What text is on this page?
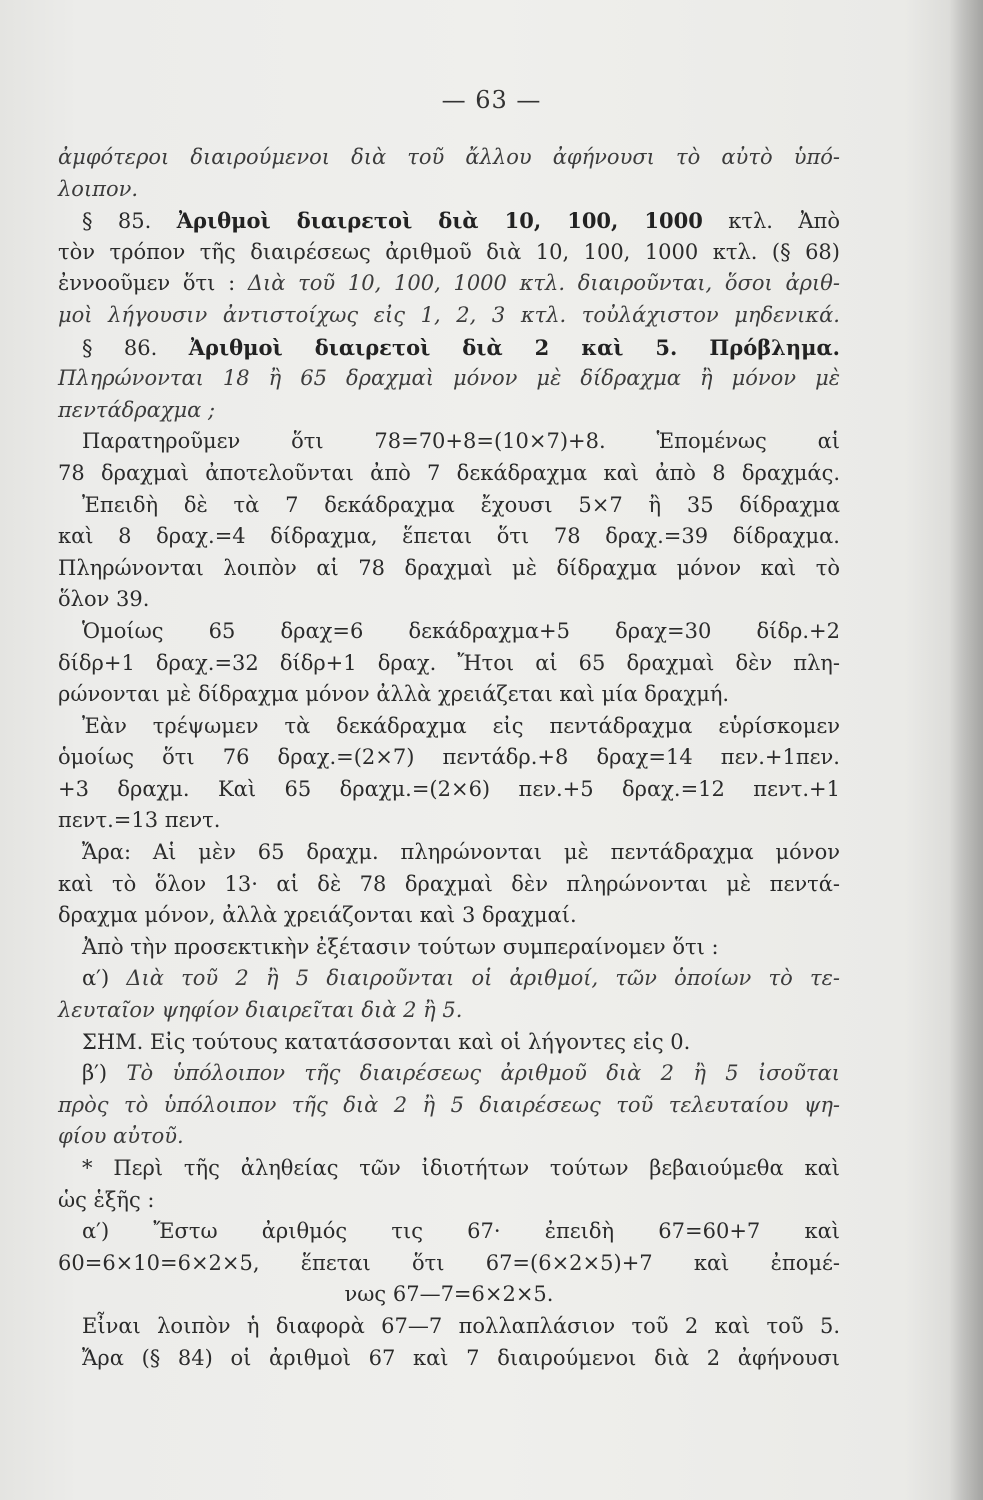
— 63 —
ἀμφότεροι διαιρούμενοι διὰ τοῦ ἄλλου ἀφήνουσι τὸ αὐτὸ ὑπό-
λοιπον.
§ 85. Ἀριθμοὶ διαιρετοὶ διὰ 10, 100, 1000 κτλ. Ἀπὸ
τὸν τρόπον τῆς διαιρέσεως ἀριθμοῦ διὰ 10, 100, 1000 κτλ. (§ 68)
ἐννοοῦμεν ὅτι : Διὰ τοῦ 10, 100, 1000 κτλ. διαιροῦνται, ὅσοι ἀριθ-
μοὶ λήγουσιν ἀντιστοίχως εἰς 1, 2, 3 κτλ. τοὐλάχιστον μηδενικά.
§ 86. Ἀριθμοὶ διαιρετοὶ διὰ 2 καὶ 5. Πρόβλημα.
Πληρώνονται 18 ἢ 65 δραχμαὶ μόνον μὲ δίδραχμα ἢ μόνον μὲ
πεντάδραχμα ;
Παρατηροῦμεν ὅτι 78=70+8=(10×7)+8. Ἑπομένως αἱ
78 δραχμαὶ ἀποτελοῦνται ἀπὸ 7 δεκάδραχμα καὶ ἀπὸ 8 δραχμάς.
Ἐπειδὴ δὲ τὰ 7 δεκάδραχμα ἔχουσι 5×7 ἢ 35 δίδραχμα
καὶ 8 δραχ.=4 δίδραχμα, ἕπεται ὅτι 78 δραχ.=39 δίδραχμα.
Πληρώνονται λοιπὸν αἱ 78 δραχμαὶ μὲ δίδραχμα μόνον καὶ τὸ
ὅλον 39.
Ὁμοίως 65 δραχ=6 δεκάδραχμα+5 δραχ=30 δίδρ.+2
δίδρ+1 δραχ.=32 δίδρ+1 δραχ. Ἤτοι αἱ 65 δραχμαὶ δὲν πλη-
ρώνονται μὲ δίδραχμα μόνον ἀλλὰ χρειάζεται καὶ μία δραχμή.
Ἐὰν τρέψωμεν τὰ δεκάδραχμα εἰς πεντάδραχμα εὑρίσκομεν
ὁμοίως ὅτι 76 δραχ.=(2×7) πεντάδρ.+8 δραχ=14 πεν.+1πεν.
+3 δραχμ. Καὶ 65 δραχμ.=(2×6) πεν.+5 δραχ.=12 πεντ.+1
πεντ.=13 πεντ.
Ἄρα: Αἱ μὲν 65 δραχμ. πληρώνονται μὲ πεντάδραχμα μόνον
καὶ τὸ ὅλον 13· αἱ δὲ 78 δραχμαὶ δὲν πληρώνονται μὲ πεντά-
δραχμα μόνον, ἀλλὰ χρειάζονται καὶ 3 δραχμαί.
Ἀπὸ τὴν προσεκτικὴν ἐξέτασιν τούτων συμπεραίνομεν ὅτι :
α′) Διὰ τοῦ 2 ἢ 5 διαιροῦνται οἱ ἀριθμοί, τῶν ὁποίων τὸ τε-
λευταῖον ψηφίον διαιρεῖται διὰ 2 ἢ 5.
ΣΗΜ. Εἰς τούτους κατατάσσονται καὶ οἱ λήγοντες εἰς 0.
β′) Τὸ ὑπόλοιπον τῆς διαιρέσεως ἀριθμοῦ διὰ 2 ἢ 5 ἰσοῦται
πρὸς τὸ ὑπόλοιπον τῆς διὰ 2 ἢ 5 διαιρέσεως τοῦ τελευταίου ψη-
φίου αὐτοῦ.
* Περὶ τῆς ἀληθείας τῶν ἰδιοτήτων τούτων βεβαιούμεθα καὶ
ὡς ἑξῆς :
α′) Ἔστω ἀριθμός τις 67· ἐπειδὴ 67=60+7 καὶ
60=6×10=6×2×5, ἕπεται ὅτι 67=(6×2×5)+7 καὶ ἐπομέ-
νως 67—7=6×2×5.
Εἶναι λοιπὸν ἡ διαφορὰ 67—7 πολλαπλάσιον τοῦ 2 καὶ τοῦ 5.
Ἄρα (§ 84) οἱ ἀριθμοὶ 67 καὶ 7 διαιρούμενοι διὰ 2 ἀφήνουσι
